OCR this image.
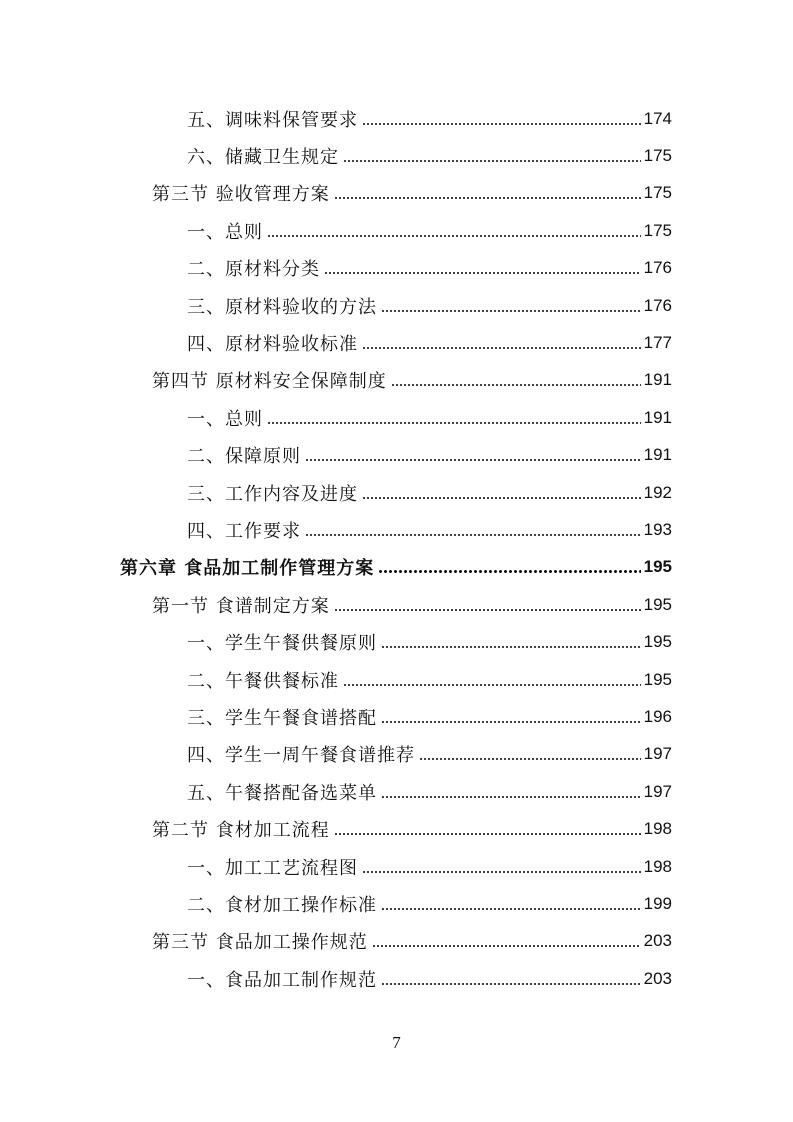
五、调味料保管要求	174
六、储藏卫生规定	175
第三节 验收管理方案	175
一、总则	175
二、原材料分类	176
三、原材料验收的方法	176
四、原材料验收标准	177
第四节 原材料安全保障制度	191
一、总则	191
二、保障原则	191
三、工作内容及进度	192
四、工作要求	193
第六章 食品加工制作管理方案	195
第一节 食谱制定方案	195
一、学生午餐供餐原则	195
二、午餐供餐标准	195
三、学生午餐食谱搭配	196
四、学生一周午餐食谱推荐	197
五、午餐搭配备选菜单	197
第二节 食材加工流程	198
一、加工工艺流程图	198
二、食材加工操作标准	199
第三节 食品加工操作规范	203
一、食品加工制作规范	203
7
